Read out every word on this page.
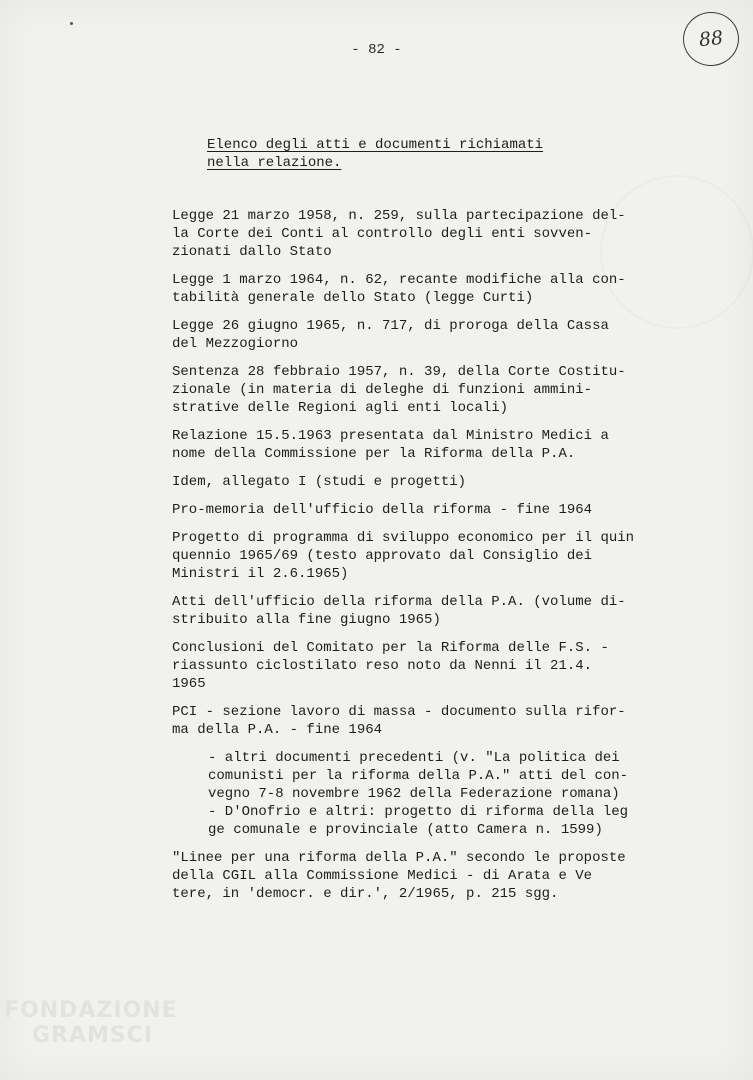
- 82 -	88
Elenco degli atti e documenti richiamati
nella relazione.
Legge 21 marzo 1958, n. 259, sulla partecipazione del-
la Corte dei Conti al controllo degli enti sovven-
zionati dallo Stato
Legge 1 marzo 1964, n. 62, recante modifiche alla con-
tabilità generale dello Stato (legge Curti)
Legge 26 giugno 1965, n. 717, di proroga della Cassa
del Mezzogiorno
Sentenza 28 febbraio 1957, n. 39, della Corte Costitu-
zionale (in materia di deleghe di funzioni ammini-
strative delle Regioni agli enti locali)
Relazione 15.5.1963 presentata dal Ministro Medici a
nome della Commissione per la Riforma della P.A.
Idem, allegato I (studi e progetti)
Pro-memoria dell'ufficio della riforma - fine 1964
Progetto di programma di sviluppo economico per il quin
quennio 1965/69 (testo approvato dal Consiglio dei
Ministri il 2.6.1965)
Atti dell'ufficio della riforma della P.A. (volume di-
stribuito alla fine giugno 1965)
Conclusioni del Comitato per la Riforma delle F.S. -
riassunto ciclostilato reso noto da Nenni il 21.4.
1965
PCI - sezione lavoro di massa - documento sulla rifor-
ma della P.A. - fine 1964
- altri documenti precedenti (v. "La politica dei
comunisti per la riforma della P.A." atti del con-
vegno 7-8 novembre 1962 della Federazione romana)
- D'Onofrio e altri: progetto di riforma della leg
ge comunale e provinciale (atto Camera n. 1599)
"Linee per una riforma della P.A." secondo le proposte
della CGIL alla Commissione Medici - di Arata e Ve
tere, in 'democr. e dir.', 2/1965, p. 215 sgg.
FONDAZIONE
GRAMSCI
